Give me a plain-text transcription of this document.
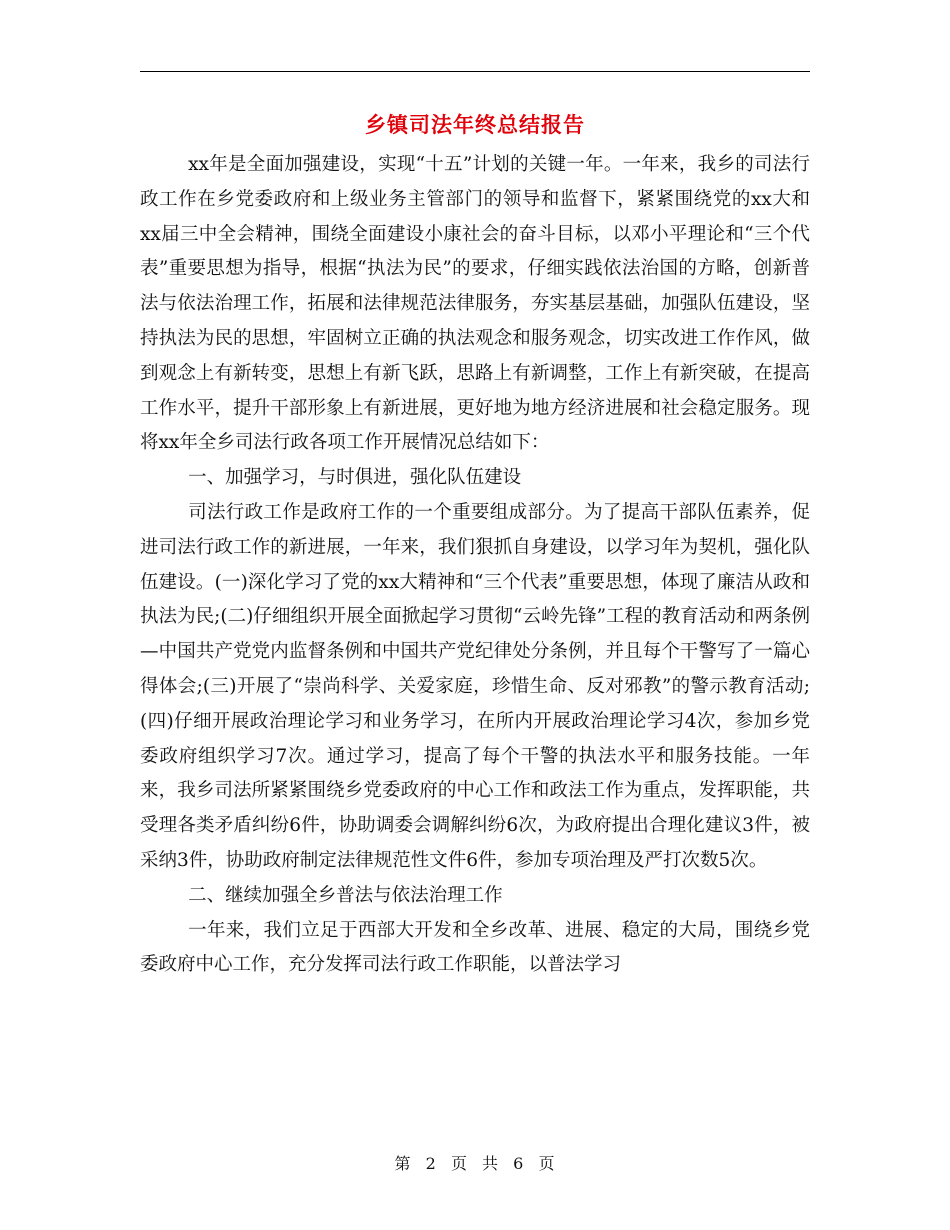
乡镇司法年终总结报告

xx年是全面加强建设，实现“十五”计划的关键一年。一年来，我乡的司法行政工作在乡党委政府和上级业务主管部门的领导和监督下，紧紧围绕党的xx大和xx届三中全会精神，围绕全面建设小康社会的奋斗目标，以邓小平理论和“三个代表”重要思想为指导，根据“执法为民”的要求，仔细实践依法治国的方略，创新普法与依法治理工作，拓展和法律规范法律服务，夯实基层基础，加强队伍建设，坚持执法为民的思想，牢固树立正确的执法观念和服务观念，切实改进工作作风，做到观念上有新转变，思想上有新飞跃，思路上有新调整，工作上有新突破，在提高工作水平，提升干部形象上有新进展，更好地为地方经济进展和社会稳定服务。现将xx年全乡司法行政各项工作开展情况总结如下：

一、加强学习，与时俱进，强化队伍建设

司法行政工作是政府工作的一个重要组成部分。为了提高干部队伍素养，促进司法行政工作的新进展，一年来，我们狠抓自身建设，以学习年为契机，强化队伍建设。(一)深化学习了党的xx大精神和“三个代表”重要思想，体现了廉洁从政和执法为民;(二)仔细组织开展全面掀起学习贯彻“云岭先锋”工程的教育活动和两条例—中国共产党党内监督条例和中国共产党纪律处分条例，并且每个干警写了一篇心得体会;(三)开展了“崇尚科学、关爱家庭，珍惜生命、反对邪教”的警示教育活动;(四)仔细开展政治理论学习和业务学习，在所内开展政治理论学习4次，参加乡党委政府组织学习7次。通过学习，提高了每个干警的执法水平和服务技能。一年来，我乡司法所紧紧围绕乡党委政府的中心工作和政法工作为重点，发挥职能，共受理各类矛盾纠纷6件，协助调委会调解纠纷6次，为政府提出合理化建议3件，被采纳3件，协助政府制定法律规范性文件6件，参加专项治理及严打次数5次。

二、继续加强全乡普法与依法治理工作

一年来，我们立足于西部大开发和全乡改革、进展、稳定的大局，围绕乡党委政府中心工作，充分发挥司法行政工作职能，以普法学习

第 2 页 共 6 页
